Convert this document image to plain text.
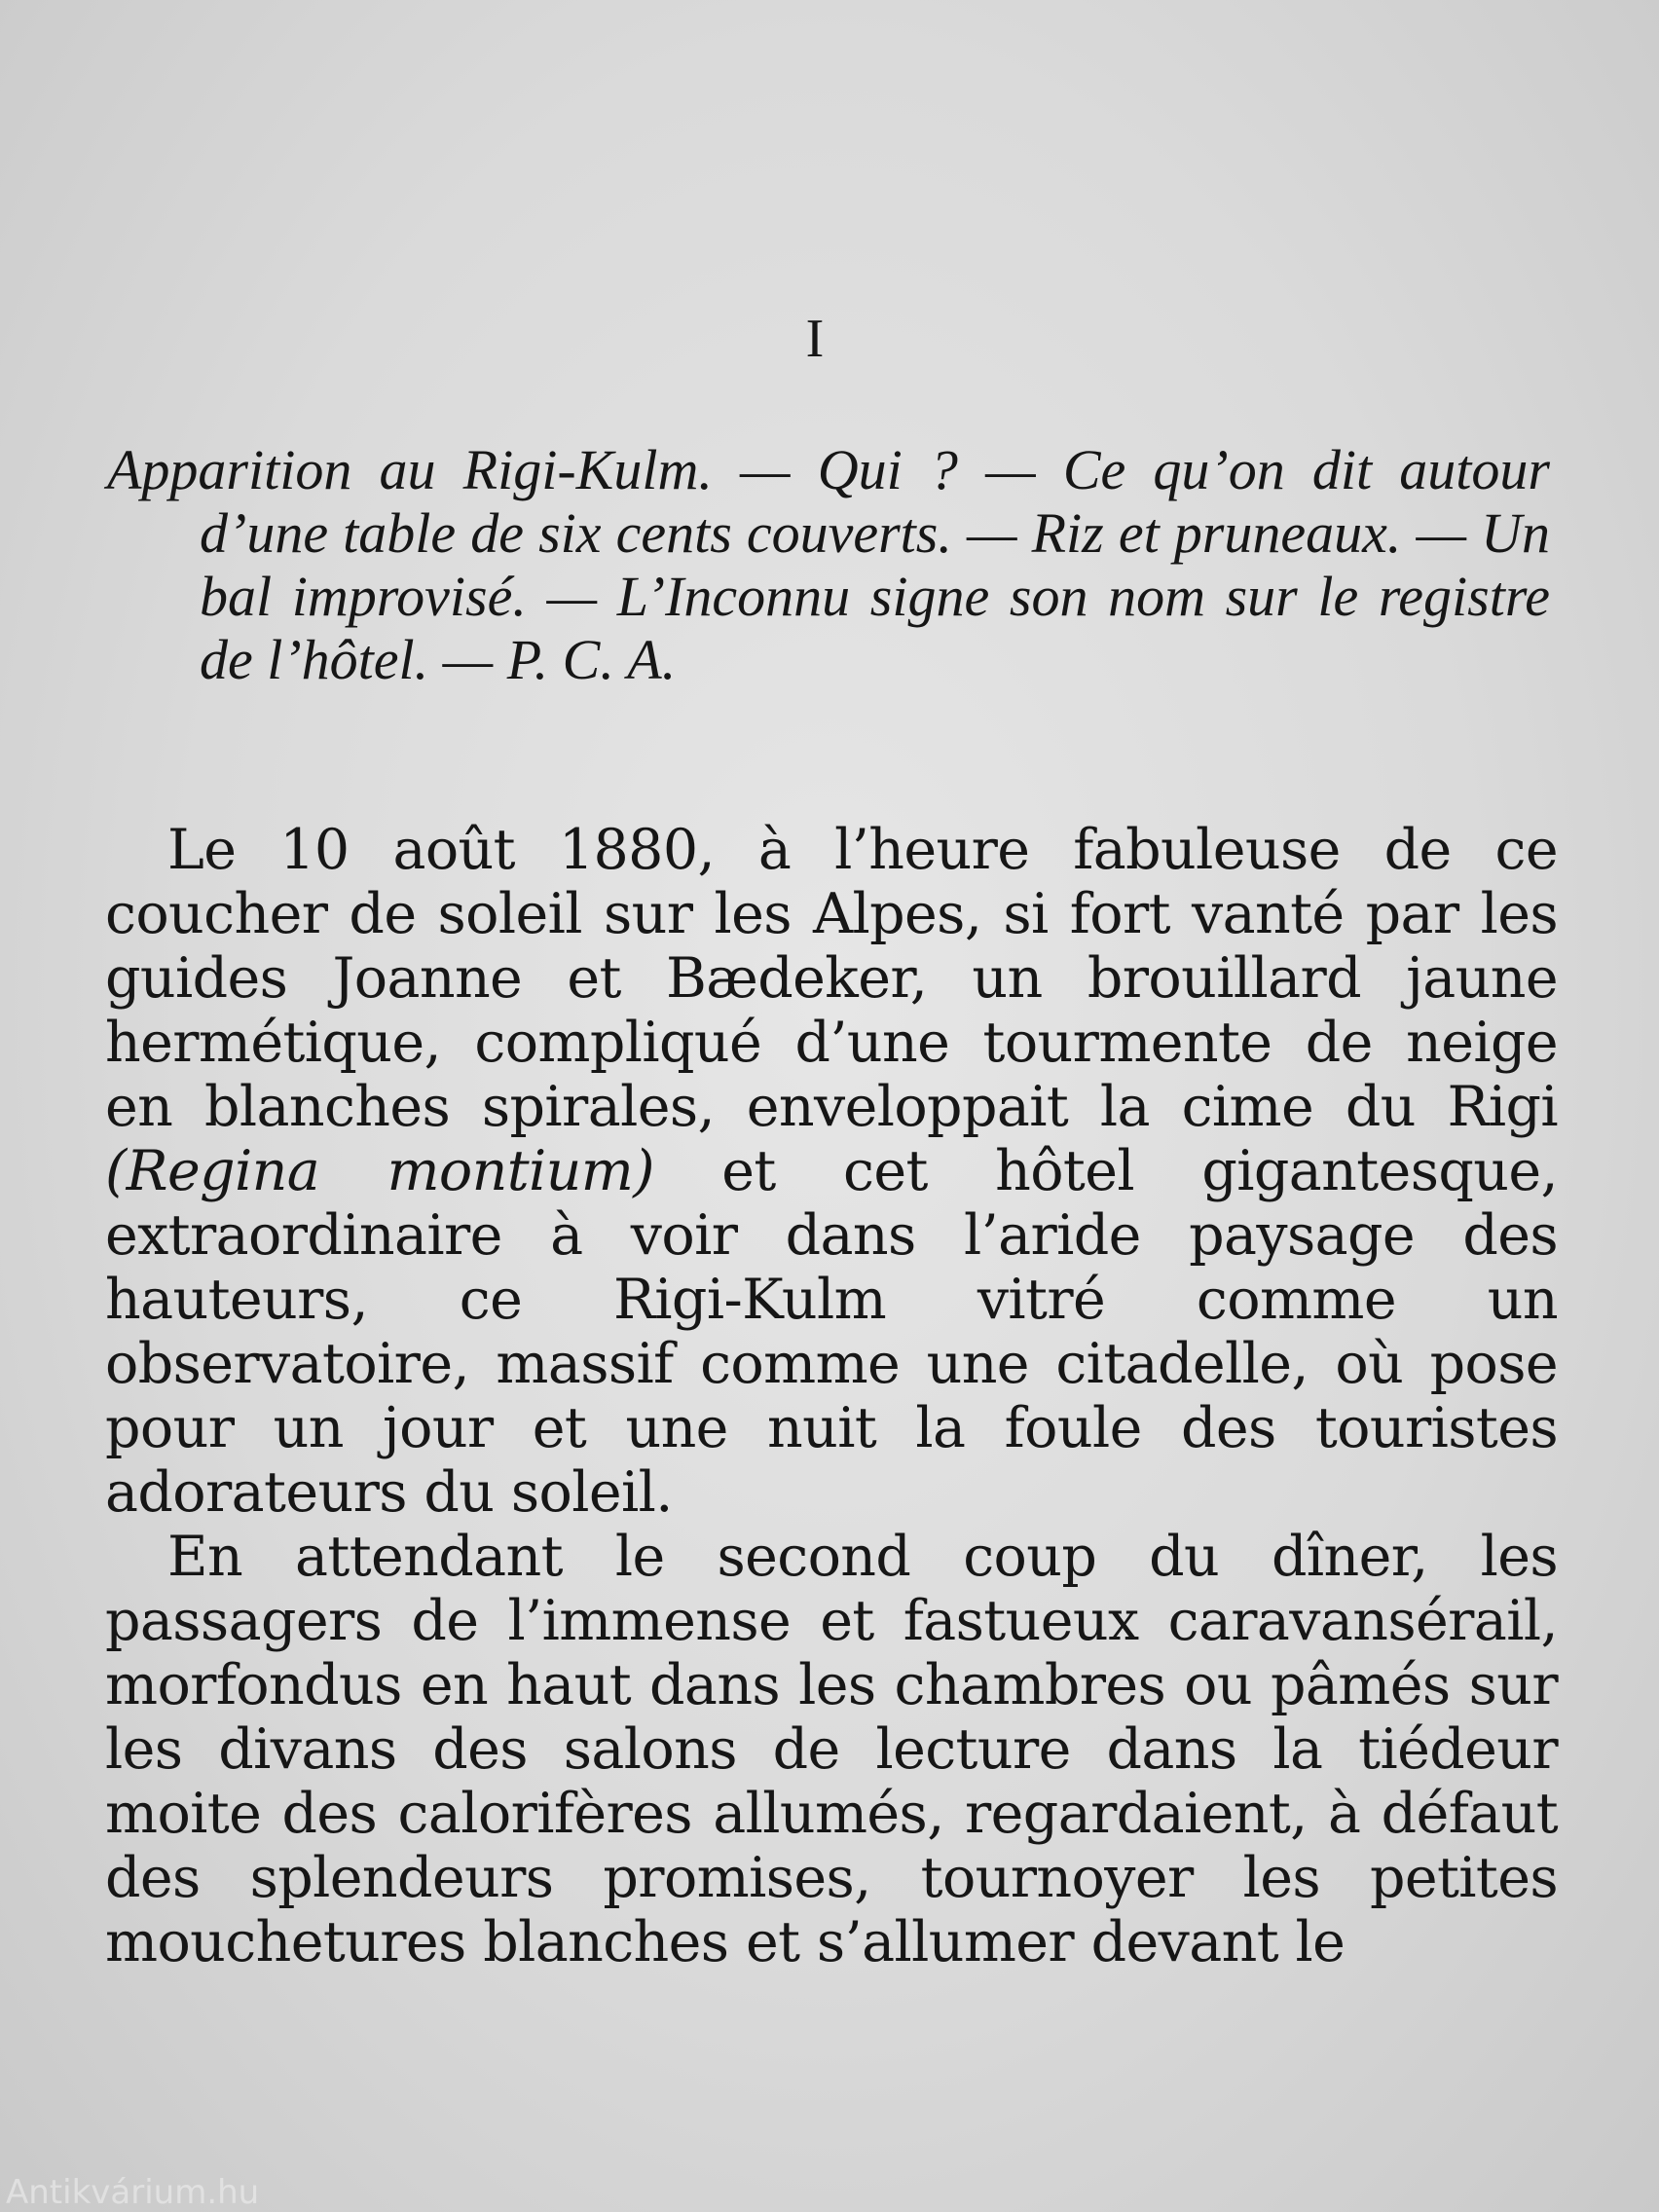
I

Apparition au Rigi-Kulm. — Qui ? — Ce qu’on dit autour d’une table de six cents couverts. — Riz et pruneaux. — Un bal improvisé. — L’Inconnu signe son nom sur le registre de l’hôtel. — P. C. A.

Le 10 août 1880, à l’heure fabuleuse de ce coucher de soleil sur les Alpes, si fort vanté par les guides Joanne et Bædeker, un brouillard jaune hermétique, compliqué d’une tourmente de neige en blanches spirales, enveloppait la cime du Rigi (Regina montium) et cet hôtel gigantesque, extraordinaire à voir dans l’aride paysage des hauteurs, ce Rigi-Kulm vitré comme un observatoire, massif comme une citadelle, où pose pour un jour et une nuit la foule des touristes adorateurs du soleil.

En attendant le second coup du dîner, les passagers de l’immense et fastueux caravansérail, morfondus en haut dans les chambres ou pâmés sur les divans des salons de lecture dans la tiédeur moite des calorifères allumés, regardaient, à défaut des splendeurs promises, tournoyer les petites mouchetures blanches et s’allumer devant le

Antikvárium.hu
